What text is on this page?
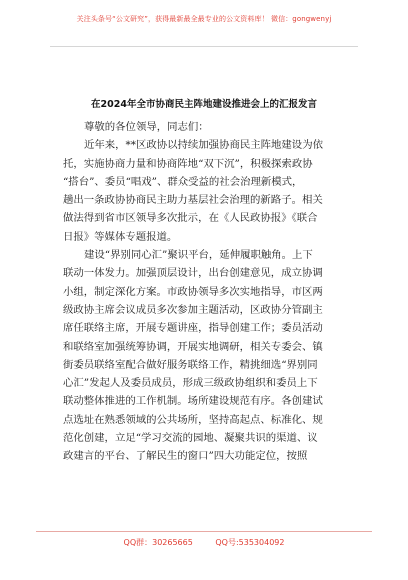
关注头条号“公文研究”，获得最新最全最专业的公文资料库！ 微信：gongwenyj
在2024年全市协商民主阵地建设推进会上的汇报发言
尊敬的各位领导，同志们：
近年来，**区政协以持续加强协商民主阵地建设为依
托，实施协商力量和协商阵地“双下沉”，积极探索政协
“搭台”、委员“唱戏”、群众受益的社会治理新模式，
趟出一条政协协商民主助力基层社会治理的新路子。相关
做法得到省市区领导多次批示，在《人民政协报》《联合
日报》等媒体专题报道。
建设“界别同心汇”聚识平台，延伸履职触角。上下
联动一体发力。加强顶层设计，出台创建意见，成立协调
小组，制定深化方案。市政协领导多次实地指导，市区两
级政协主席会议成员多次参加主题活动，区政协分管副主
席任联络主席，开展专题讲座，指导创建工作；委员活动
和联络室加强统筹协调，开展实地调研，相关专委会、镇
街委员联络室配合做好服务联络工作，精挑细选“界别同
心汇”发起人及委员成员，形成三级政协组织和委员上下
联动整体推进的工作机制。场所建设规范有序。各创建试
点选址在熟悉领域的公共场所，坚持高起点、标准化、规
范化创建，立足“学习交流的园地、凝聚共识的渠道、议
政建言的平台、了解民生的窗口”四大功能定位，按照
QQ群：30265665	QQ号:535304092
